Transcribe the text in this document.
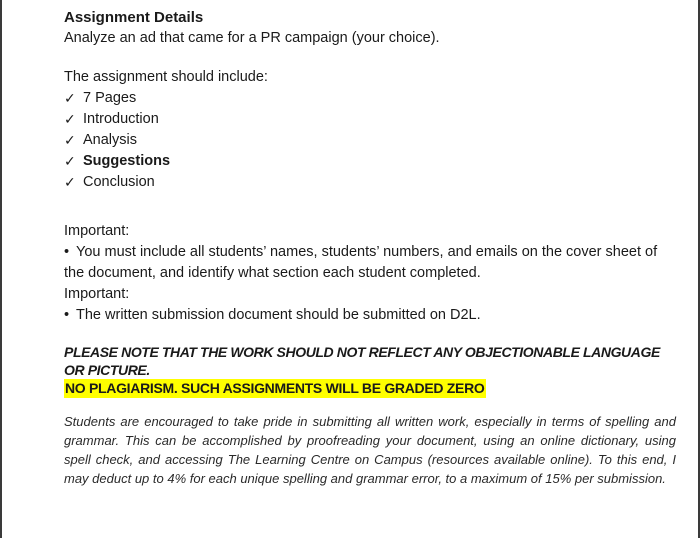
Assignment Details
Analyze an ad that came for a PR campaign (your choice).
The assignment should include:
✓ 7 Pages
✓ Introduction
✓ Analysis
✓ Suggestions
✓ Conclusion
Important:
• You must include all students’ names, students’ numbers, and emails on the cover sheet of the document, and identify what section each student completed.
Important:
• The written submission document should be submitted on D2L.
PLEASE NOTE THAT THE WORK SHOULD NOT REFLECT ANY OBJECTIONABLE LANGUAGE OR PICTURE.
NO PLAGIARISM. SUCH ASSIGNMENTS WILL BE GRADED ZERO
Students are encouraged to take pride in submitting all written work, especially in terms of spelling and grammar. This can be accomplished by proofreading your document, using an online dictionary, using spell check, and accessing The Learning Centre on Campus (resources available online). To this end, I may deduct up to 4% for each unique spelling and grammar error, to a maximum of 15% per submission.
